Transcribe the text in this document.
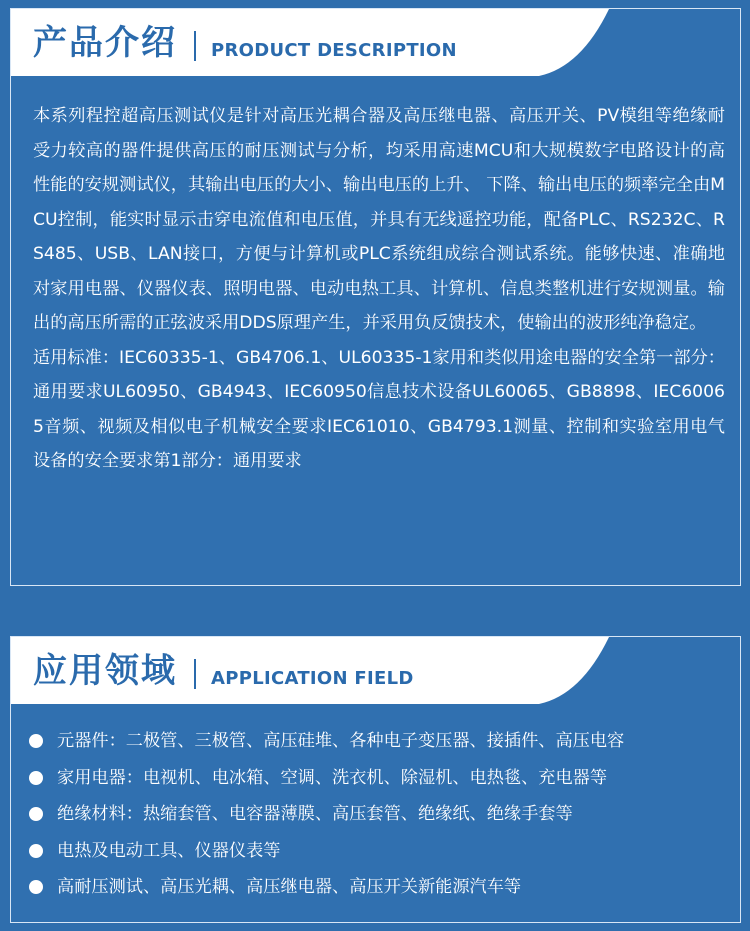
产品介绍 PRODUCT DESCRIPTION

本系列程控超高压测试仪是针对高压光耦合器及高压继电器、高压开关、PV模组等绝缘耐受力较高的器件提供高压的耐压测试与分析，均采用高速MCU和大规模数字电路设计的高性能的安规测试仪，其输出电压的大小、输出电压的上升、 下降、输出电压的频率完全由MCU控制，能实时显示击穿电流值和电压值，并具有无线遥控功能，配备PLC、RS232C、RS485、USB、LAN接口，方便与计算机或PLC系统组成综合测试系统。能够快速、准确地对家用电器、仪器仪表、照明电器、电动电热工具、计算机、信息类整机进行安规测量。输出的高压所需的正弦波采用DDS原理产生，并采用负反馈技术，使输出的波形纯净稳定。

适用标准：IEC60335-1、GB4706.1、UL60335-1家用和类似用途电器的安全第一部分：通用要求UL60950、GB4943、IEC60950信息技术设备UL60065、GB8898、IEC60065音频、视频及相似电子机械安全要求IEC61010、GB4793.1测量、控制和实验室用电气设备的安全要求第1部分：通用要求

应用领域 APPLICATION FIELD
元器件：二极管、三极管、高压硅堆、各种电子变压器、接插件、高压电容
家用电器：电视机、电冰箱、空调、洗衣机、除湿机、电热毯、充电器等
绝缘材料：热缩套管、电容器薄膜、高压套管、绝缘纸、绝缘手套等
电热及电动工具、仪器仪表等
高耐压测试、高压光耦、高压继电器、高压开关新能源汽车等
